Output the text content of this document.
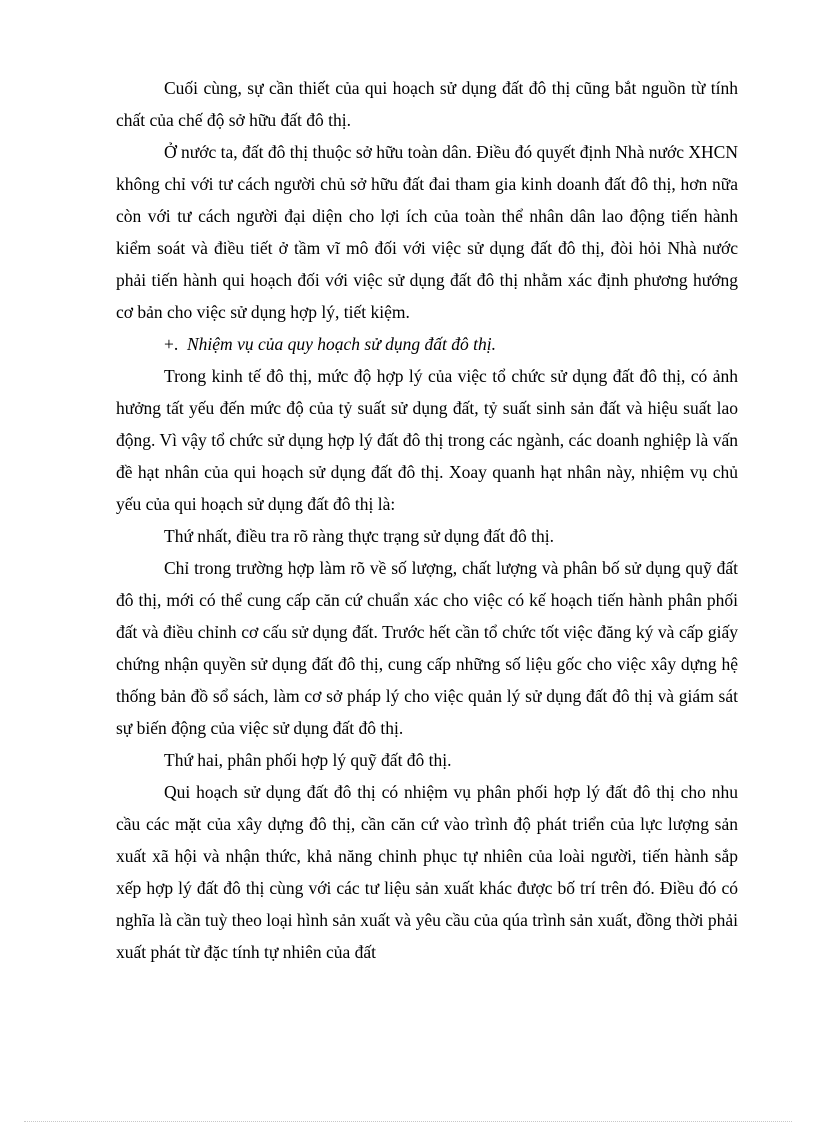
Cuối cùng, sự cần thiết của qui hoạch sử dụng đất đô thị cũng bắt nguồn từ tính chất của chế độ sở hữu đất đô thị.

Ở nước ta, đất đô thị thuộc sở hữu toàn dân. Điều đó quyết định Nhà nước XHCN không chỉ với tư cách người chủ sở hữu đất đai tham gia kinh doanh đất đô thị, hơn nữa còn với tư cách người đại diện cho lợi ích của toàn thể nhân dân lao động tiến hành kiểm soát và điều tiết ở tầm vĩ mô đối với việc sử dụng đất đô thị, đòi hỏi Nhà nước phải tiến hành qui hoạch đối với việc sử dụng đất đô thị nhằm xác định phương hướng cơ bản cho việc sử dụng hợp lý, tiết kiệm.

+. Nhiệm vụ của quy hoạch sử dụng đất đô thị.

Trong kinh tế đô thị, mức độ hợp lý của việc tổ chức sử dụng đất đô thị, có ảnh hưởng tất yếu đến mức độ của tỷ suất sử dụng đất, tỷ suất sinh sản đất và hiệu suất lao động. Vì vậy tổ chức sử dụng hợp lý đất đô thị trong các ngành, các doanh nghiệp là vấn đề hạt nhân của qui hoạch sử dụng đất đô thị. Xoay quanh hạt nhân này, nhiệm vụ chủ yếu của qui hoạch sử dụng đất đô thị là:

Thứ nhất, điều tra rõ ràng thực trạng sử dụng đất đô thị.

Chỉ trong trường hợp làm rõ về số lượng, chất lượng và phân bố sử dụng quỹ đất đô thị, mới có thể cung cấp căn cứ chuẩn xác cho việc có kế hoạch tiến hành phân phối đất và điều chỉnh cơ cấu sử dụng đất. Trước hết cần tổ chức tốt việc đăng ký và cấp giấy chứng nhận quyền sử dụng đất đô thị, cung cấp những số liệu gốc cho việc xây dựng hệ thống bản đồ sổ sách, làm cơ sở pháp lý cho việc quản lý sử dụng đất đô thị và giám sát sự biến động của việc sử dụng đất đô thị.

Thứ hai, phân phối hợp lý quỹ đất đô thị.

Qui hoạch sử dụng đất đô thị có nhiệm vụ phân phối hợp lý đất đô thị cho nhu cầu các mặt của xây dựng đô thị, cần căn cứ vào trình độ phát triển của lực lượng sản xuất xã hội và nhận thức, khả năng chinh phục tự nhiên của loài người, tiến hành sắp xếp hợp lý đất đô thị cùng với các tư liệu sản xuất khác được bố trí trên đó. Điều đó có nghĩa là cần tuỳ theo loại hình sản xuất và yêu cầu của qúa trình sản xuất, đồng thời phải xuất phát từ đặc tính tự nhiên của đất
